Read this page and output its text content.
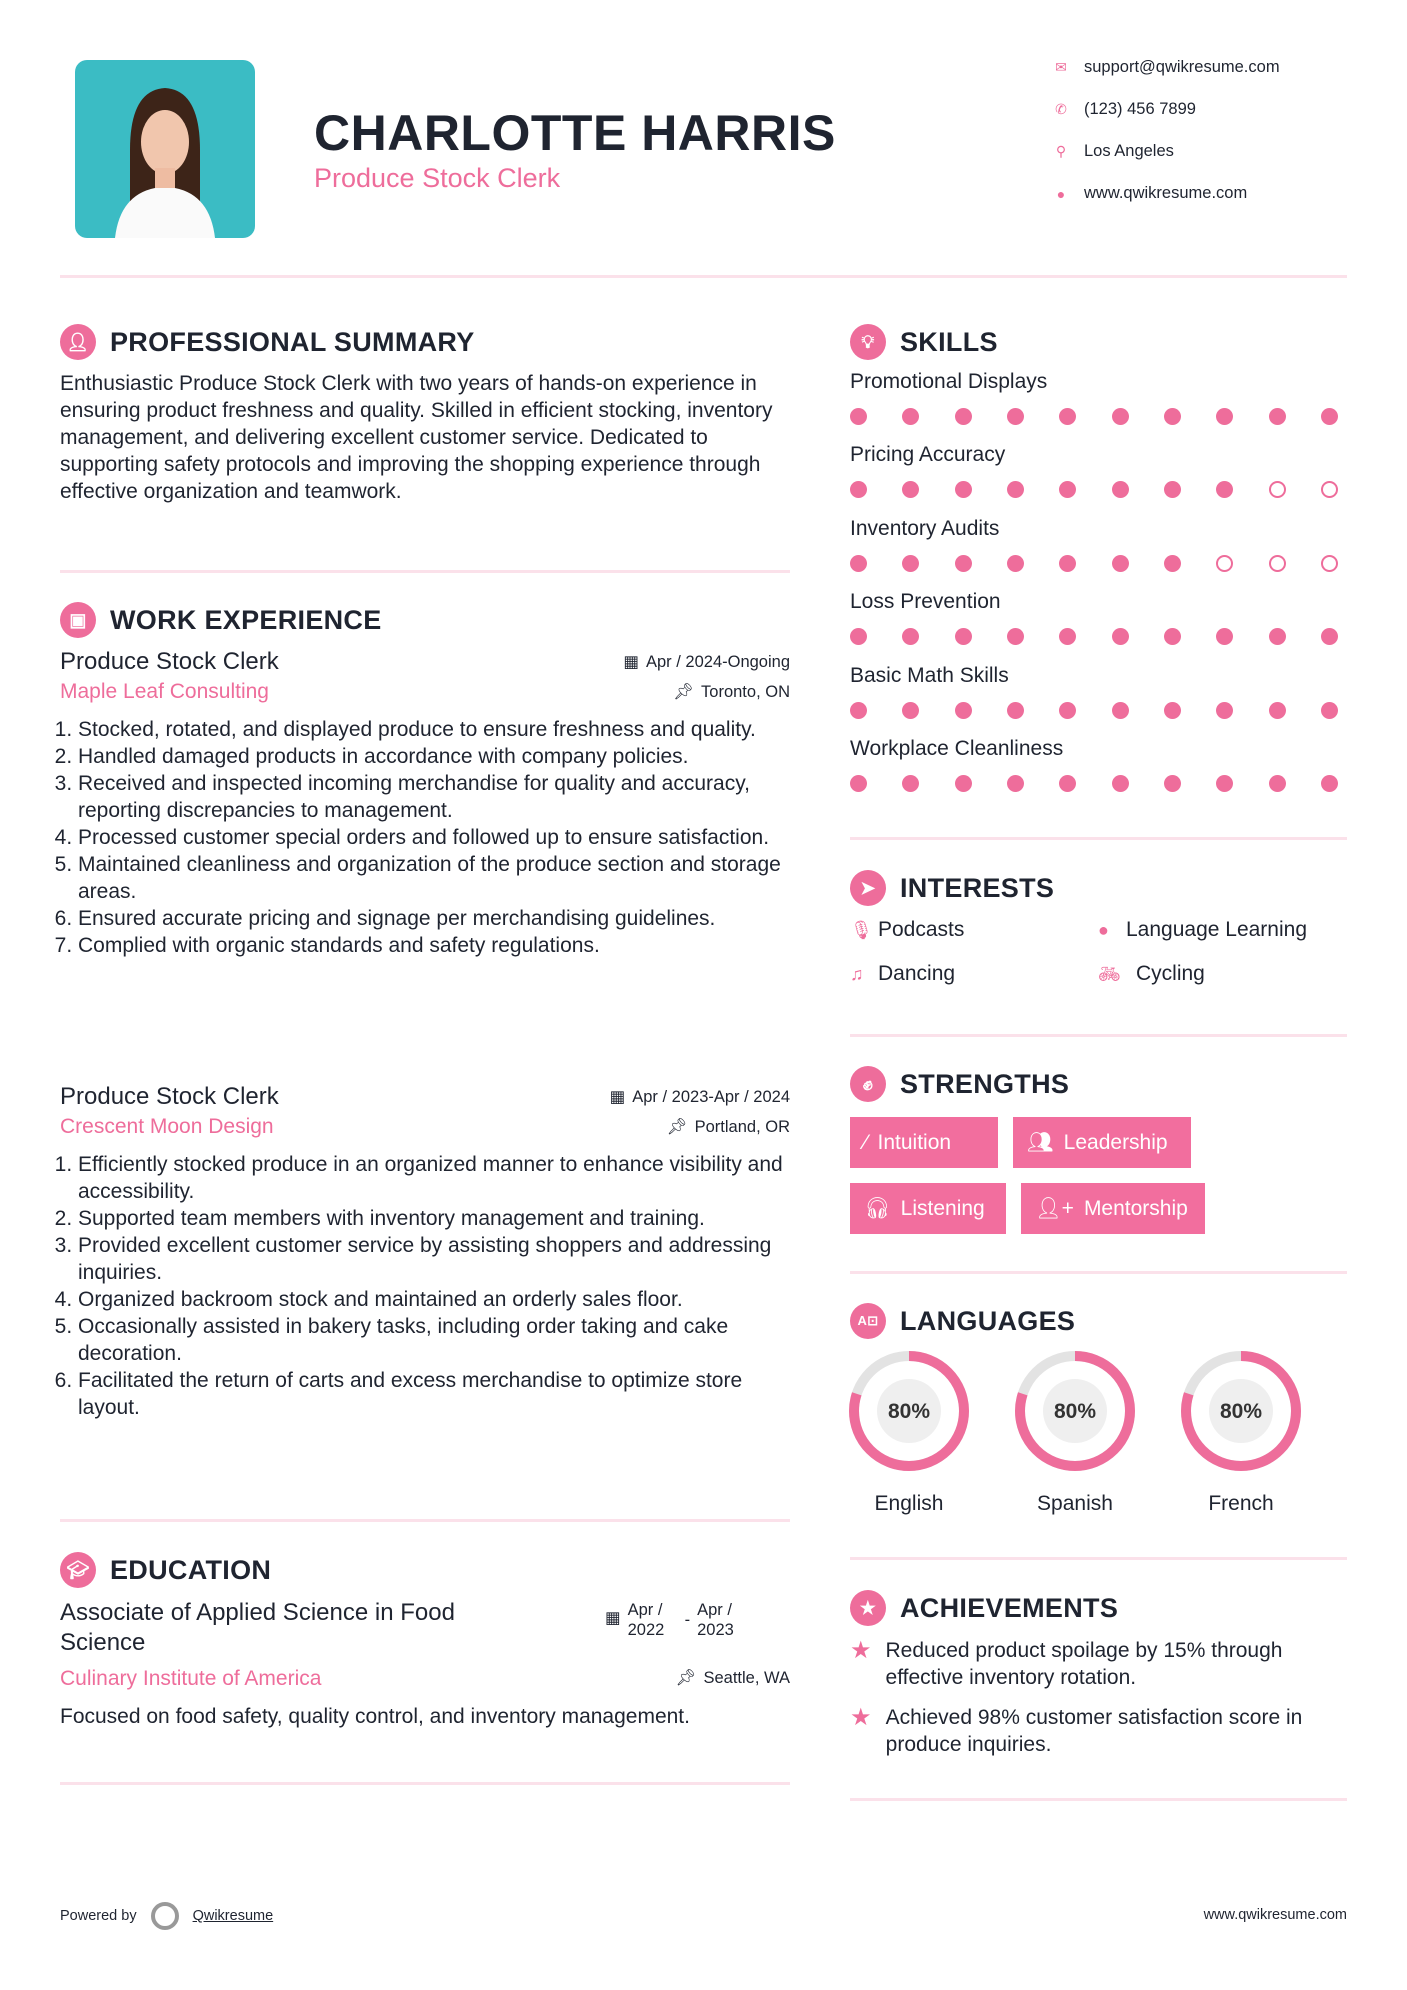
CHARLOTTE HARRIS
Produce Stock Clerk
✉ support@qwikresume.com
✆ (123) 456 7899
⚲ Los Angeles
● www.qwikresume.com
👤︎ PROFESSIONAL SUMMARY
Enthusiastic Produce Stock Clerk with two years of hands-on experience in ensuring product freshness and quality. Skilled in efficient stocking, inventory management, and delivering excellent customer service. Dedicated to supporting safety protocols and improving the shopping experience through effective organization and teamwork.
▣ WORK EXPERIENCE
Produce Stock Clerk	▦ Apr / 2024-Ongoing
Maple Leaf Consulting	📌︎ Toronto, ON
1. Stocked, rotated, and displayed produce to ensure freshness and quality.
2. Handled damaged products in accordance with company policies.
3. Received and inspected incoming merchandise for quality and accuracy, reporting discrepancies to management.
4. Processed customer special orders and followed up to ensure satisfaction.
5. Maintained cleanliness and organization of the produce section and storage areas.
6. Ensured accurate pricing and signage per merchandising guidelines.
7. Complied with organic standards and safety regulations.
Produce Stock Clerk	▦ Apr / 2023-Apr / 2024
Crescent Moon Design	📌︎ Portland, OR
1. Efficiently stocked produce in an organized manner to enhance visibility and accessibility.
2. Supported team members with inventory management and training.
3. Provided excellent customer service by assisting shoppers and addressing inquiries.
4. Organized backroom stock and maintained an orderly sales floor.
5. Occasionally assisted in bakery tasks, including order taking and cake decoration.
6. Facilitated the return of carts and excess merchandise to optimize store layout.
🎓︎ EDUCATION
Associate of Applied Science in Food Science
▦ Apr / 2022
-
Apr / 2023
Culinary Institute of America	📌︎ Seattle, WA
Focused on food safety, quality control, and inventory management.
💡︎ SKILLS
Promotional Displays
Pricing Accuracy
Inventory Audits
Loss Prevention
Basic Math Skills
Workplace Cleanliness
➤ INTERESTS
🎙︎ Podcasts	● Language Learning
♫ Dancing	🚲︎ Cycling
✊︎ STRENGTHS
⁄ Intuition	👥︎ Leadership
🎧︎ Listening 👤︎+ Mentorship
A⊡ LANGUAGES
80%
English
80%
Spanish
80%
French
★ ACHIEVEMENTS
★ Reduced product spoilage by 15% through effective inventory rotation.
★ Achieved 98% customer satisfaction score in produce inquiries.
Powered by	Qwikresume	www.qwikresume.com
